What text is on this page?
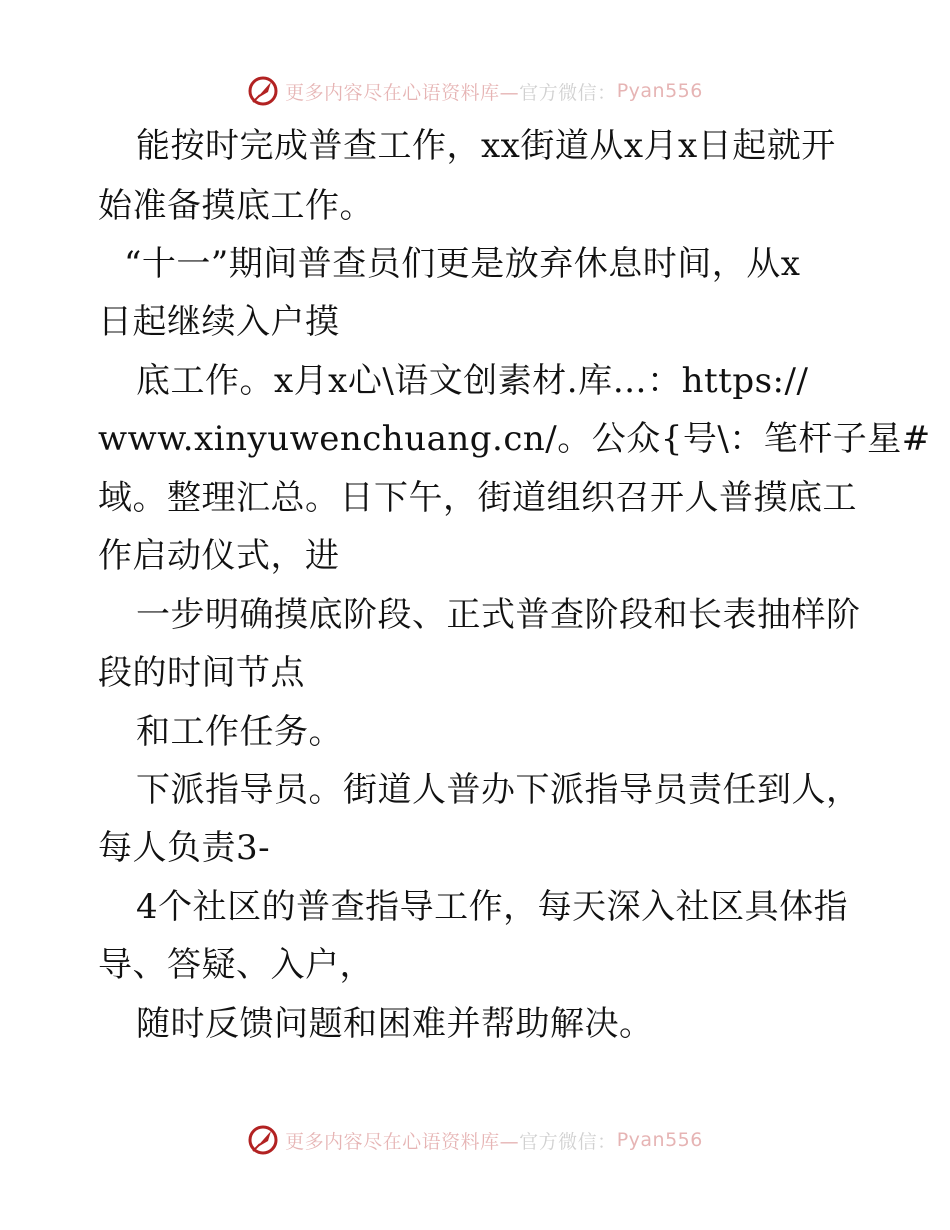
更多内容尽在心语资料库— 官方微信： Pyan556

能按时完成普查工作，xx街道从x月x日起就开

始准备摸底工作。

“十一”期间普查员们更是放弃休息时间，从x

日起继续入户摸

底工作。x月x心\语文创素材.库…：https://

www.xinyuwenchuang.cn/。公众{号\：笔杆子星#

域。整理汇总。日下午，街道组织召开人普摸底工

作启动仪式，进

一步明确摸底阶段、正式普查阶段和长表抽样阶

段的时间节点

和工作任务。

下派指导员。街道人普办下派指导员责任到人，

每人负责3-

4个社区的普查指导工作，每天深入社区具体指

导、答疑、入户，

随时反馈问题和困难并帮助解决。

更多内容尽在心语资料库— 官方微信： Pyan556
